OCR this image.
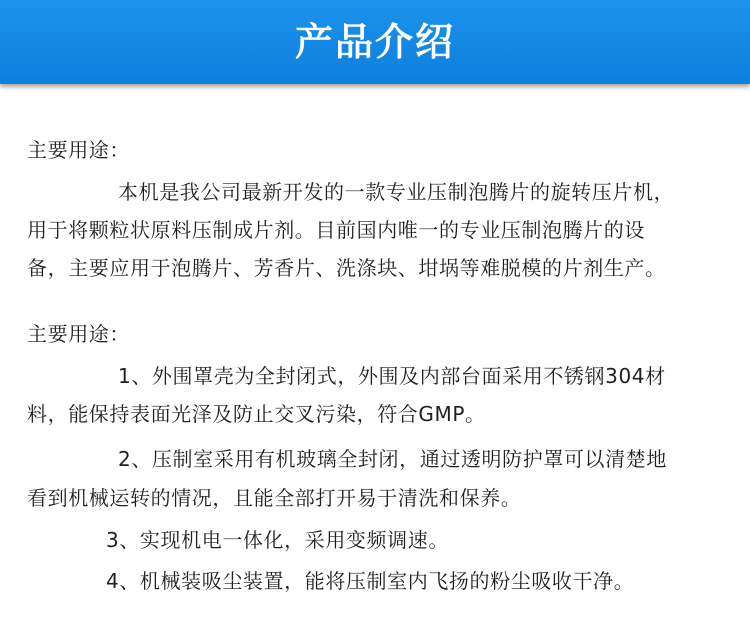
产品介绍
主要用途：
本机是我公司最新开发的一款专业压制泡腾片的旋转压片机，
用于将颗粒状原料压制成片剂。目前国内唯一的专业压制泡腾片的设
备，主要应用于泡腾片、芳香片、洗涤块、坩埚等难脱模的片剂生产。
主要用途：
1、外围罩壳为全封闭式，外围及内部台面采用不锈钢304材
料，能保持表面光泽及防止交叉污染，符合GMP。
2、压制室采用有机玻璃全封闭，通过透明防护罩可以清楚地
看到机械运转的情况，且能全部打开易于清洗和保养。
3、实现机电一体化，采用变频调速。
4、机械装吸尘装置，能将压制室内飞扬的粉尘吸收干净。
